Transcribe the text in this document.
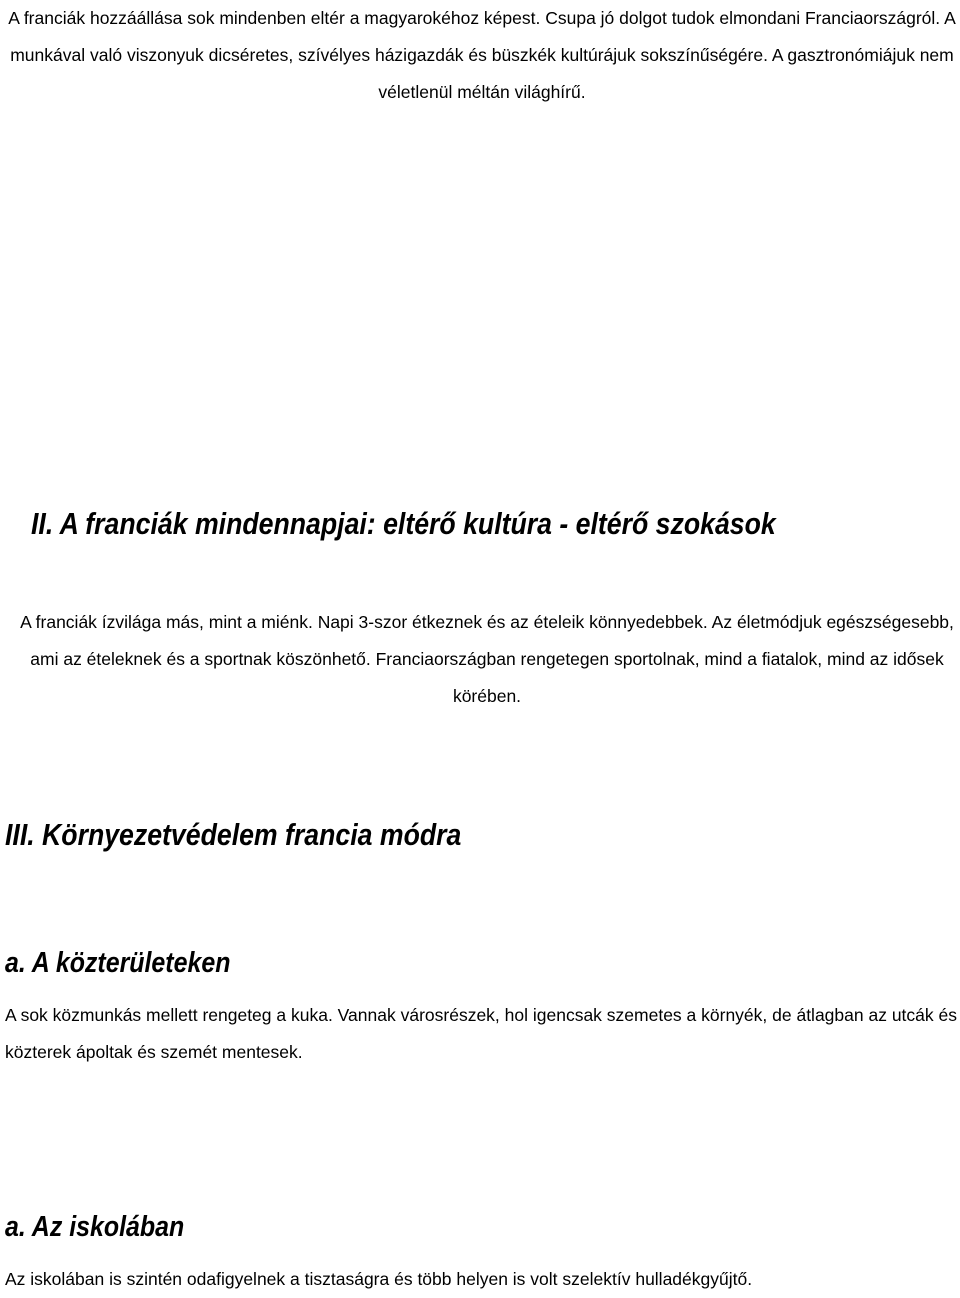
A franciák hozzáállása sok mindenben eltér a magyarokéhoz képest. Csupa jó dolgot tudok elmondani Franciaországról. A munkával való viszonyuk dicséretes, szívélyes házigazdák és büszkék kultúrájuk sokszínűségére. A gasztronómiájuk nem véletlenül méltán világhírű.

II. A franciák mindennapjai: eltérő kultúra - eltérő szokások

A franciák ízvilága más, mint a miénk. Napi 3-szor étkeznek és az ételeik könnyedebbek. Az életmódjuk egészségesebb, ami az ételeknek és a sportnak köszönhető. Franciaországban rengetegen sportolnak, mind a fiatalok, mind az idősek körében.

III. Környezetvédelem francia módra
a. A közterületeken

A sok közmunkás mellett rengeteg a kuka. Vannak városrészek, hol igencsak szemetes a környék, de átlagban az utcák és közterek ápoltak és szemét mentesek.

a. Az iskolában

Az iskolában is szintén odafigyelnek a tisztaságra és több helyen is volt szelektív hulladékgyűjtő.
